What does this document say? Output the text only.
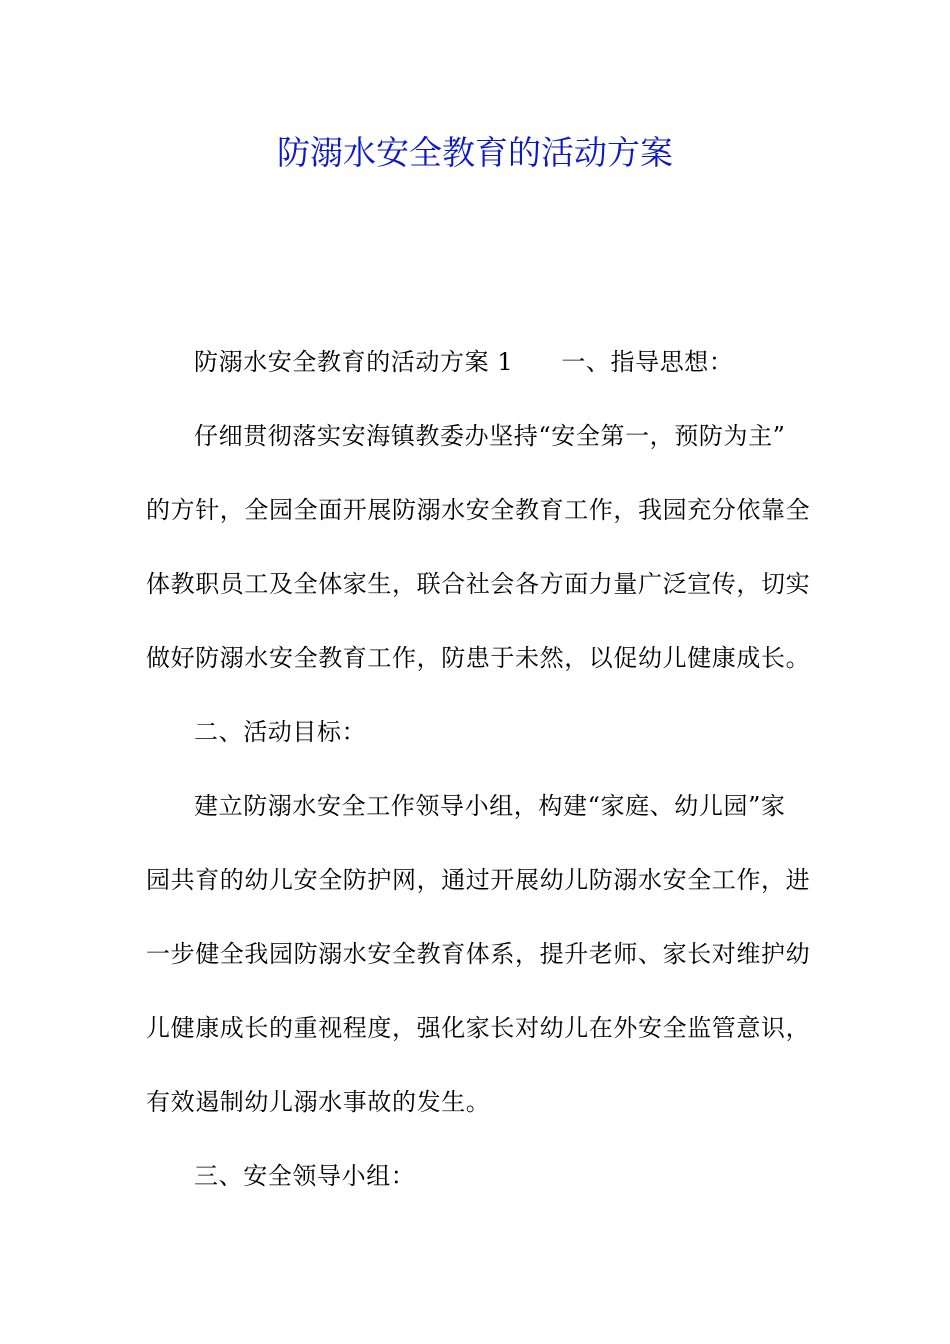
防溺水安全教育的活动方案
防溺水安全教育的活动方案 1 一、指导思想：
仔细贯彻落实安海镇教委办坚持“安全第一，预防为主”
的方针，全园全面开展防溺水安全教育工作，我园充分依靠全
体教职员工及全体家生，联合社会各方面力量广泛宣传，切实
做好防溺水安全教育工作，防患于未然，以促幼儿健康成长。
二、活动目标：
建立防溺水安全工作领导小组，构建“家庭、幼儿园”家
园共育的幼儿安全防护网，通过开展幼儿防溺水安全工作，进
一步健全我园防溺水安全教育体系，提升老师、家长对维护幼
儿健康成长的重视程度，强化家长对幼儿在外安全监管意识，
有效遏制幼儿溺水事故的发生。
三、安全领导小组：
